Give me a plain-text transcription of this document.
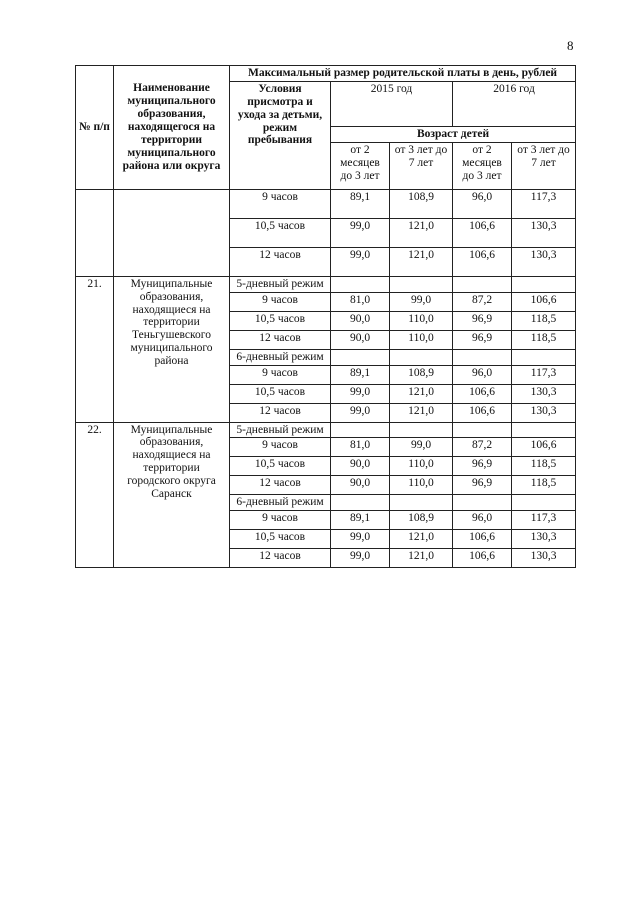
8
№ п/п	Наименование муниципального образования, находящегося на территории муниципального района или округа	Максимальный размер родительской платы в день, рублей				
		Условия присмотра и ухода за детьми, режим пребывания	2015 год		2016 год	
			Возраст детей			
			от 2 месяцев до 3 лет	от 3 лет до 7 лет	от 2 месяцев до 3 лет	от 3 лет до 7 лет
		9 часов	89,1	108,9	96,0	117,3
		10,5 часов	99,0	121,0	106,6	130,3
		12 часов	99,0	121,0	106,6	130,3
21.	Муниципальные образования, находящиеся на территории Теньгушевского муниципального района	5-дневный режим				
		9 часов	81,0	99,0	87,2	106,6
		10,5 часов	90,0	110,0	96,9	118,5
		12 часов	90,0	110,0	96,9	118,5
		6-дневный режим				
		9 часов	89,1	108,9	96,0	117,3
		10,5 часов	99,0	121,0	106,6	130,3
		12 часов	99,0	121,0	106,6	130,3
22.	Муниципальные образования, находящиеся на территории городского округа Саранск	5-дневный режим				
		9 часов	81,0	99,0	87,2	106,6
		10,5 часов	90,0	110,0	96,9	118,5
		12 часов	90,0	110,0	96,9	118,5
		6-дневный режим				
		9 часов	89,1	108,9	96,0	117,3
		10,5 часов	99,0	121,0	106,6	130,3
		12 часов	99,0	121,0	106,6	130,3
